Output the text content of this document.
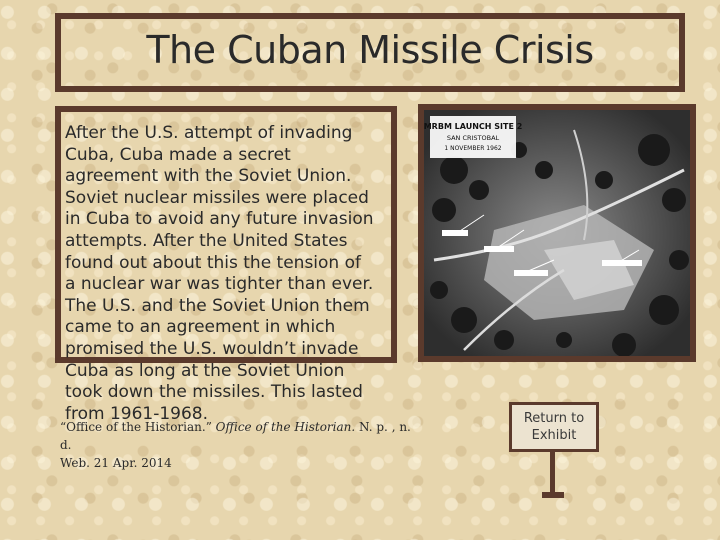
The Cuban Missile Crisis
After the U.S. attempt of invading
Cuba, Cuba made a secret
agreement with the Soviet Union.
Soviet nuclear missiles were placed
in Cuba to avoid any future invasion
attempts. After the United States
found out about this the tension of
a nuclear war was tighter than ever.
The U.S. and the Soviet Union them
came to an agreement in which
promised the U.S. wouldn’t invade
Cuba as long at the Soviet Union
took down the missiles. This lasted
from 1961-1968.
“Office of the Historian.” Office of the Historian. N. p. , n. d.
Web. 21 Apr. 2014
MRBM LAUNCH SITE 2
SAN CRISTOBAL
1 NOVEMBER 1962
Return to
Exhibit
